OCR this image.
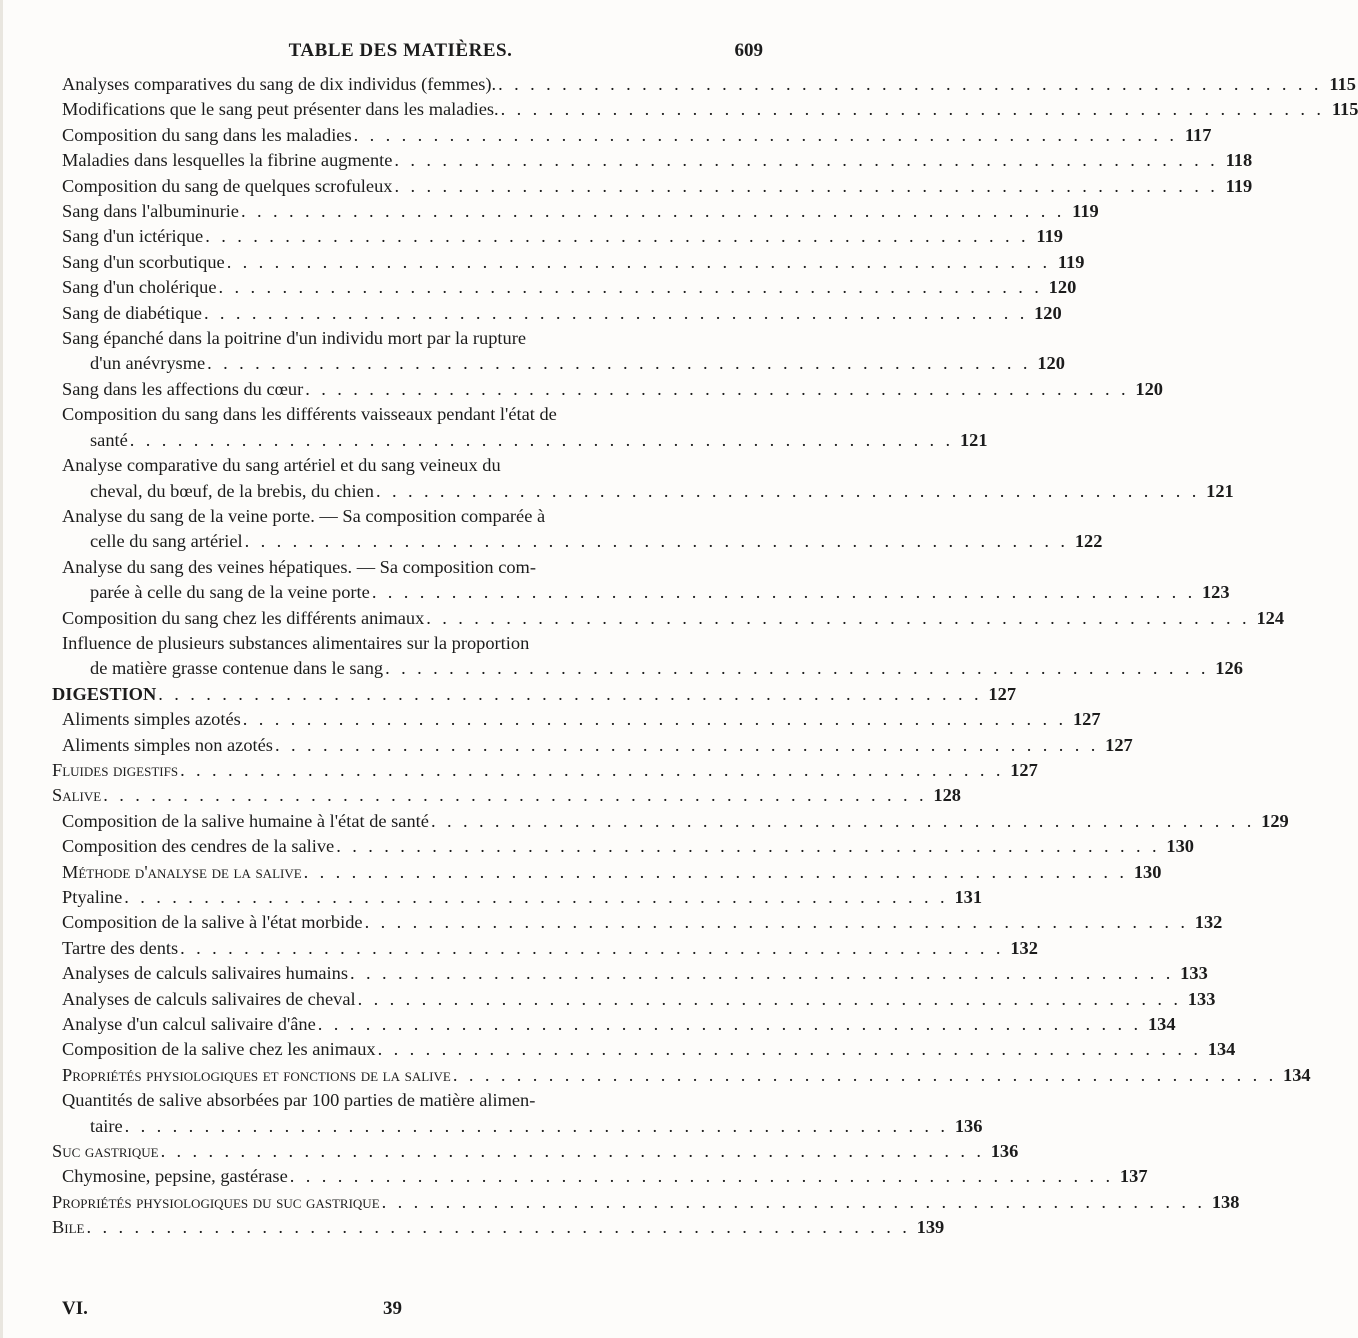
TABLE DES MATIÈRES.	609
Analyses comparatives du sang de dix individus (femmes). . . . . . . . . . . . . . . . . . . . . . . . . . . . . . . . . . . . . . . . . . . . . . . . . . . . . 115
Modifications que le sang peut présenter dans les maladies. . . . . . . . . . . . . . . . . . . . . . . . . . . . . . . . . . . . . . . . . . . . . . . . . . . . . 115
Composition du sang dans les maladies . . . . . . . . . . . . . . . . . . . . . . . . . . . . . . . . . . . . . . . . . . . . . . . . . . . . 117
Maladies dans lesquelles la fibrine augmente . . . . . . . . . . . . . . . . . . . . . . . . . . . . . . . . . . . . . . . . . . . . . . . . . . . . 118
Composition du sang de quelques scrofuleux . . . . . . . . . . . . . . . . . . . . . . . . . . . . . . . . . . . . . . . . . . . . . . . . . . . . 119
Sang dans l'albuminurie . . . . . . . . . . . . . . . . . . . . . . . . . . . . . . . . . . . . . . . . . . . . . . . . . . . . 119
Sang d'un ictérique . . . . . . . . . . . . . . . . . . . . . . . . . . . . . . . . . . . . . . . . . . . . . . . . . . . . 119
Sang d'un scorbutique . . . . . . . . . . . . . . . . . . . . . . . . . . . . . . . . . . . . . . . . . . . . . . . . . . . . 119
Sang d'un cholérique . . . . . . . . . . . . . . . . . . . . . . . . . . . . . . . . . . . . . . . . . . . . . . . . . . . . 120
Sang de diabétique . . . . . . . . . . . . . . . . . . . . . . . . . . . . . . . . . . . . . . . . . . . . . . . . . . . . 120
Sang épanché dans la poitrine d'un individu mort par la rupture
d'un anévrysme . . . . . . . . . . . . . . . . . . . . . . . . . . . . . . . . . . . . . . . . . . . . . . . . . . . . 120
Sang dans les affections du cœur . . . . . . . . . . . . . . . . . . . . . . . . . . . . . . . . . . . . . . . . . . . . . . . . . . . . 120
Composition du sang dans les différents vaisseaux pendant l'état de
santé . . . . . . . . . . . . . . . . . . . . . . . . . . . . . . . . . . . . . . . . . . . . . . . . . . . . 121
Analyse comparative du sang artériel et du sang veineux du
cheval, du bœuf, de la brebis, du chien . . . . . . . . . . . . . . . . . . . . . . . . . . . . . . . . . . . . . . . . . . . . . . . . . . . . 121
Analyse du sang de la veine porte. — Sa composition comparée à
celle du sang artériel . . . . . . . . . . . . . . . . . . . . . . . . . . . . . . . . . . . . . . . . . . . . . . . . . . . . 122
Analyse du sang des veines hépatiques. — Sa composition com-
parée à celle du sang de la veine porte . . . . . . . . . . . . . . . . . . . . . . . . . . . . . . . . . . . . . . . . . . . . . . . . . . . . 123
Composition du sang chez les différents animaux . . . . . . . . . . . . . . . . . . . . . . . . . . . . . . . . . . . . . . . . . . . . . . . . . . . . 124
Influence de plusieurs substances alimentaires sur la proportion
de matière grasse contenue dans le sang . . . . . . . . . . . . . . . . . . . . . . . . . . . . . . . . . . . . . . . . . . . . . . . . . . . . 126
DIGESTION . . . . . . . . . . . . . . . . . . . . . . . . . . . . . . . . . . . . . . . . . . . . . . . . . . . . 127
Aliments simples azotés . . . . . . . . . . . . . . . . . . . . . . . . . . . . . . . . . . . . . . . . . . . . . . . . . . . . 127
Aliments simples non azotés . . . . . . . . . . . . . . . . . . . . . . . . . . . . . . . . . . . . . . . . . . . . . . . . . . . . 127
Fluides digestifs . . . . . . . . . . . . . . . . . . . . . . . . . . . . . . . . . . . . . . . . . . . . . . . . . . . . 127
Salive . . . . . . . . . . . . . . . . . . . . . . . . . . . . . . . . . . . . . . . . . . . . . . . . . . . . 128
Composition de la salive humaine à l'état de santé . . . . . . . . . . . . . . . . . . . . . . . . . . . . . . . . . . . . . . . . . . . . . . . . . . . . 129
Composition des cendres de la salive . . . . . . . . . . . . . . . . . . . . . . . . . . . . . . . . . . . . . . . . . . . . . . . . . . . . 130
Méthode d'analyse de la salive . . . . . . . . . . . . . . . . . . . . . . . . . . . . . . . . . . . . . . . . . . . . . . . . . . . . 130
Ptyaline . . . . . . . . . . . . . . . . . . . . . . . . . . . . . . . . . . . . . . . . . . . . . . . . . . . . 131
Composition de la salive à l'état morbide . . . . . . . . . . . . . . . . . . . . . . . . . . . . . . . . . . . . . . . . . . . . . . . . . . . . 132
Tartre des dents . . . . . . . . . . . . . . . . . . . . . . . . . . . . . . . . . . . . . . . . . . . . . . . . . . . . 132
Analyses de calculs salivaires humains . . . . . . . . . . . . . . . . . . . . . . . . . . . . . . . . . . . . . . . . . . . . . . . . . . . . 133
Analyses de calculs salivaires de cheval . . . . . . . . . . . . . . . . . . . . . . . . . . . . . . . . . . . . . . . . . . . . . . . . . . . . 133
Analyse d'un calcul salivaire d'âne . . . . . . . . . . . . . . . . . . . . . . . . . . . . . . . . . . . . . . . . . . . . . . . . . . . . 134
Composition de la salive chez les animaux . . . . . . . . . . . . . . . . . . . . . . . . . . . . . . . . . . . . . . . . . . . . . . . . . . . . 134
Propriétés physiologiques et fonctions de la salive . . . . . . . . . . . . . . . . . . . . . . . . . . . . . . . . . . . . . . . . . . . . . . . . . . . . 134
Quantités de salive absorbées par 100 parties de matière alimen-
taire . . . . . . . . . . . . . . . . . . . . . . . . . . . . . . . . . . . . . . . . . . . . . . . . . . . . 136
Suc gastrique . . . . . . . . . . . . . . . . . . . . . . . . . . . . . . . . . . . . . . . . . . . . . . . . . . . . 136
Chymosine, pepsine, gastérase . . . . . . . . . . . . . . . . . . . . . . . . . . . . . . . . . . . . . . . . . . . . . . . . . . . . 137
Propriétés physiologiques du suc gastrique . . . . . . . . . . . . . . . . . . . . . . . . . . . . . . . . . . . . . . . . . . . . . . . . . . . . 138
Bile . . . . . . . . . . . . . . . . . . . . . . . . . . . . . . . . . . . . . . . . . . . . . . . . . . . . 139
VI.	39
